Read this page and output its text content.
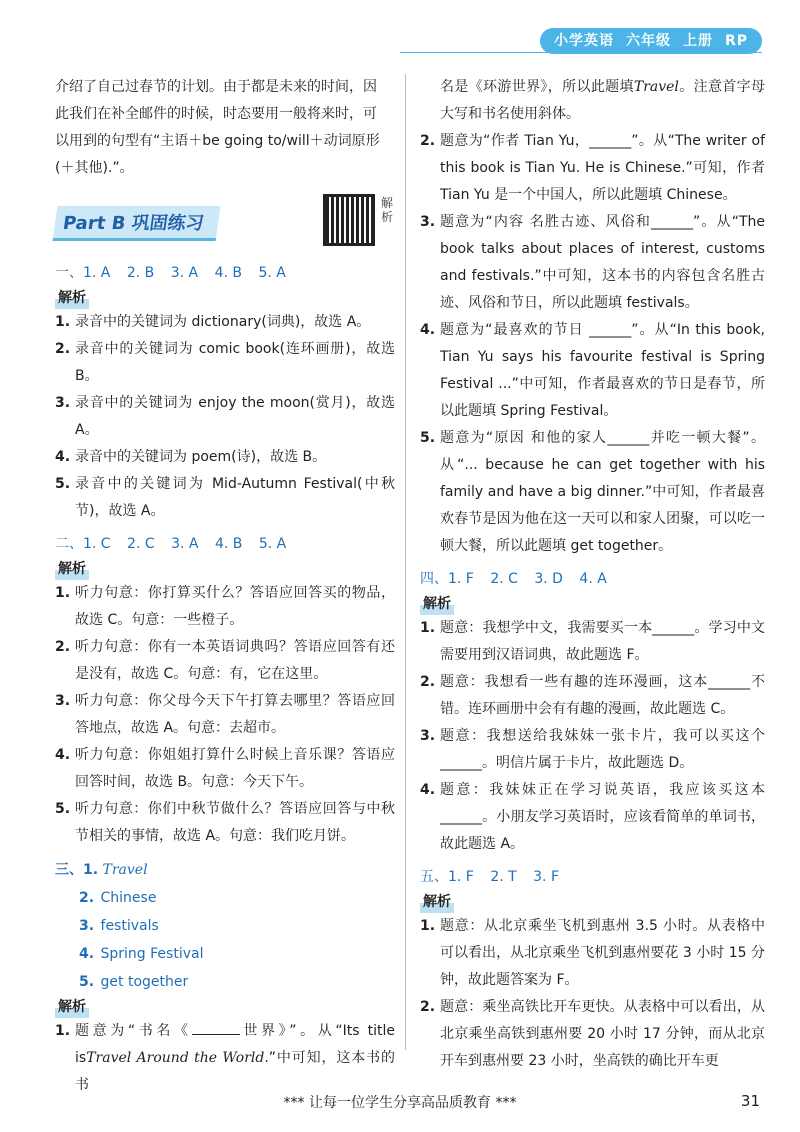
小学英语 六年级 上册 RP

介绍了自己过春节的计划。由于都是未来的时间，因

此我们在补全邮件的时候，时态要用一般将来时，可

以用到的句型有“主语＋be going to/will＋动词原形

(＋其他).”。

Part B 巩固练习
解析
一、1. A 2. B 3. A 4. B 5. A
解析
1. 录音中的关键词为 dictionary(词典)，故选 A。
2. 录音中的关键词为 comic book(连环画册)，故选 B。
3. 录音中的关键词为 enjoy the moon(赏月)，故选 A。
4. 录音中的关键词为 poem(诗)，故选 B。
5. 录音中的关键词为 Mid-Autumn Festival(中秋节)，故选 A。
二、1. C 2. C 3. A 4. B 5. A
解析
1. 听力句意：你打算买什么？答语应回答买的物品，故选 C。句意：一些橙子。
2. 听力句意：你有一本英语词典吗？答语应回答有还是没有，故选 C。句意：有，它在这里。
3. 听力句意：你父母今天下午打算去哪里？答语应回答地点，故选 A。句意：去超市。
4. 听力句意：你姐姐打算什么时候上音乐课？答语应回答时间，故选 B。句意：今天下午。
5. 听力句意：你们中秋节做什么？答语应回答与中秋节相关的事情，故选 A。句意：我们吃月饼。
三、1. Travel
2. Chinese
3. festivals
4. Spring Festival
5. get together
解析
1. 题意为“书名《	世界》”。从“Its title isTravel Around the World.”中可知，这本书的书
名是《环游世界》，所以此题填Travel。注意首字母大写和书名使用斜体。
2. 题意为“作者 Tian Yu，______”。从“The writer of this book is Tian Yu. He is Chinese.”可知，作者 Tian Yu 是一个中国人，所以此题填 Chinese。
3. 题意为“内容 名胜古迹、风俗和______”。从“The book talks about places of interest, customs and festivals.”中可知，这本书的内容包含名胜古迹、风俗和节日，所以此题填 festivals。
4. 题意为“最喜欢的节日 ______”。从“In this book, Tian Yu says his favourite festival is Spring Festival ...”中可知，作者最喜欢的节日是春节，所以此题填 Spring Festival。
5. 题意为“原因 和他的家人______并吃一顿大餐”。从“... because he can get together with his family and have a big dinner.”中可知，作者最喜欢春节是因为他在这一天可以和家人团聚，可以吃一顿大餐，所以此题填 get together。
四、1. F 2. C 3. D 4. A
解析
1. 题意：我想学中文，我需要买一本______。学习中文需要用到汉语词典，故此题选 F。
2. 题意：我想看一些有趣的连环漫画，这本______不错。连环画册中会有有趣的漫画，故此题选 C。
3. 题意：我想送给我妹妹一张卡片，我可以买这个______。明信片属于卡片，故此题选 D。
4. 题意：我妹妹正在学习说英语，我应该买这本______。小朋友学习英语时，应该看简单的单词书，故此题选 A。
五、1. F 2. T 3. F
解析
1. 题意：从北京乘坐飞机到惠州 3.5 小时。从表格中可以看出，从北京乘坐飞机到惠州要花 3 小时 15 分钟，故此题答案为 F。
2. 题意：乘坐高铁比开车更快。从表格中可以看出，从北京乘坐高铁到惠州要 20 小时 17 分钟，而从北京开车到惠州要 23 小时，坐高铁的确比开车更
*** 让每一位学生分享高品质教育 ***	31
